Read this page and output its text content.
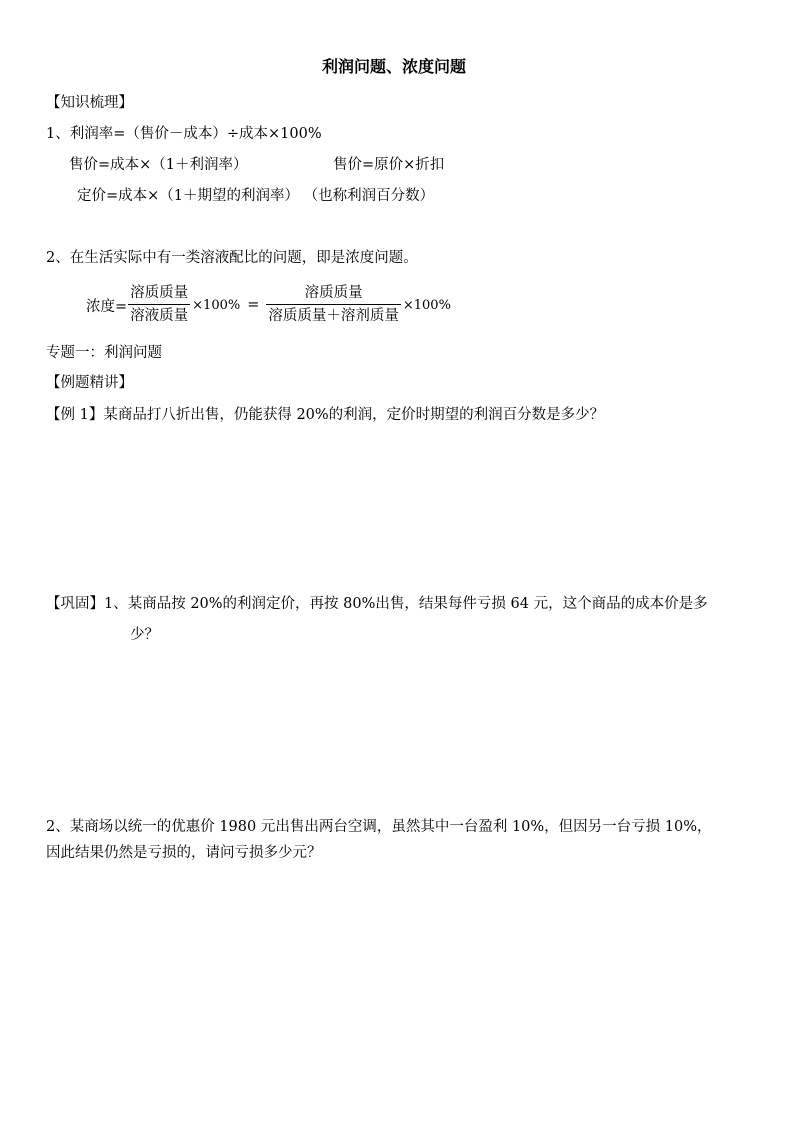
利润问题、浓度问题
【知识梳理】
1、利润率=（售价－成本）÷成本×100%
售价=成本×（1＋利润率）	售价=原价×折扣
定价=成本×（1＋期望的利润率） （也称利润百分数）
2、在生活实际中有一类溶液配比的问题，即是浓度问题。
浓度= $\frac{\text{溶质质量}}{\text{溶液质量}} \times 100\% = \frac{\text{溶质质量}}{\text{溶质质量＋溶剂质量}} \times 100\%$
专题一：利润问题
【例题精讲】
【例 1】某商品打八折出售，仍能获得 20%的利润，定价时期望的利润百分数是多少？
【巩固】1、某商品按 20%的利润定价，再按 80%出售，结果每件亏损 64 元，这个商品的成本价是多
少？
2、某商场以统一的优惠价 1980 元出售出两台空调，虽然其中一台盈利 10%，但因另一台亏损 10%，
因此结果仍然是亏损的，请问亏损多少元？
